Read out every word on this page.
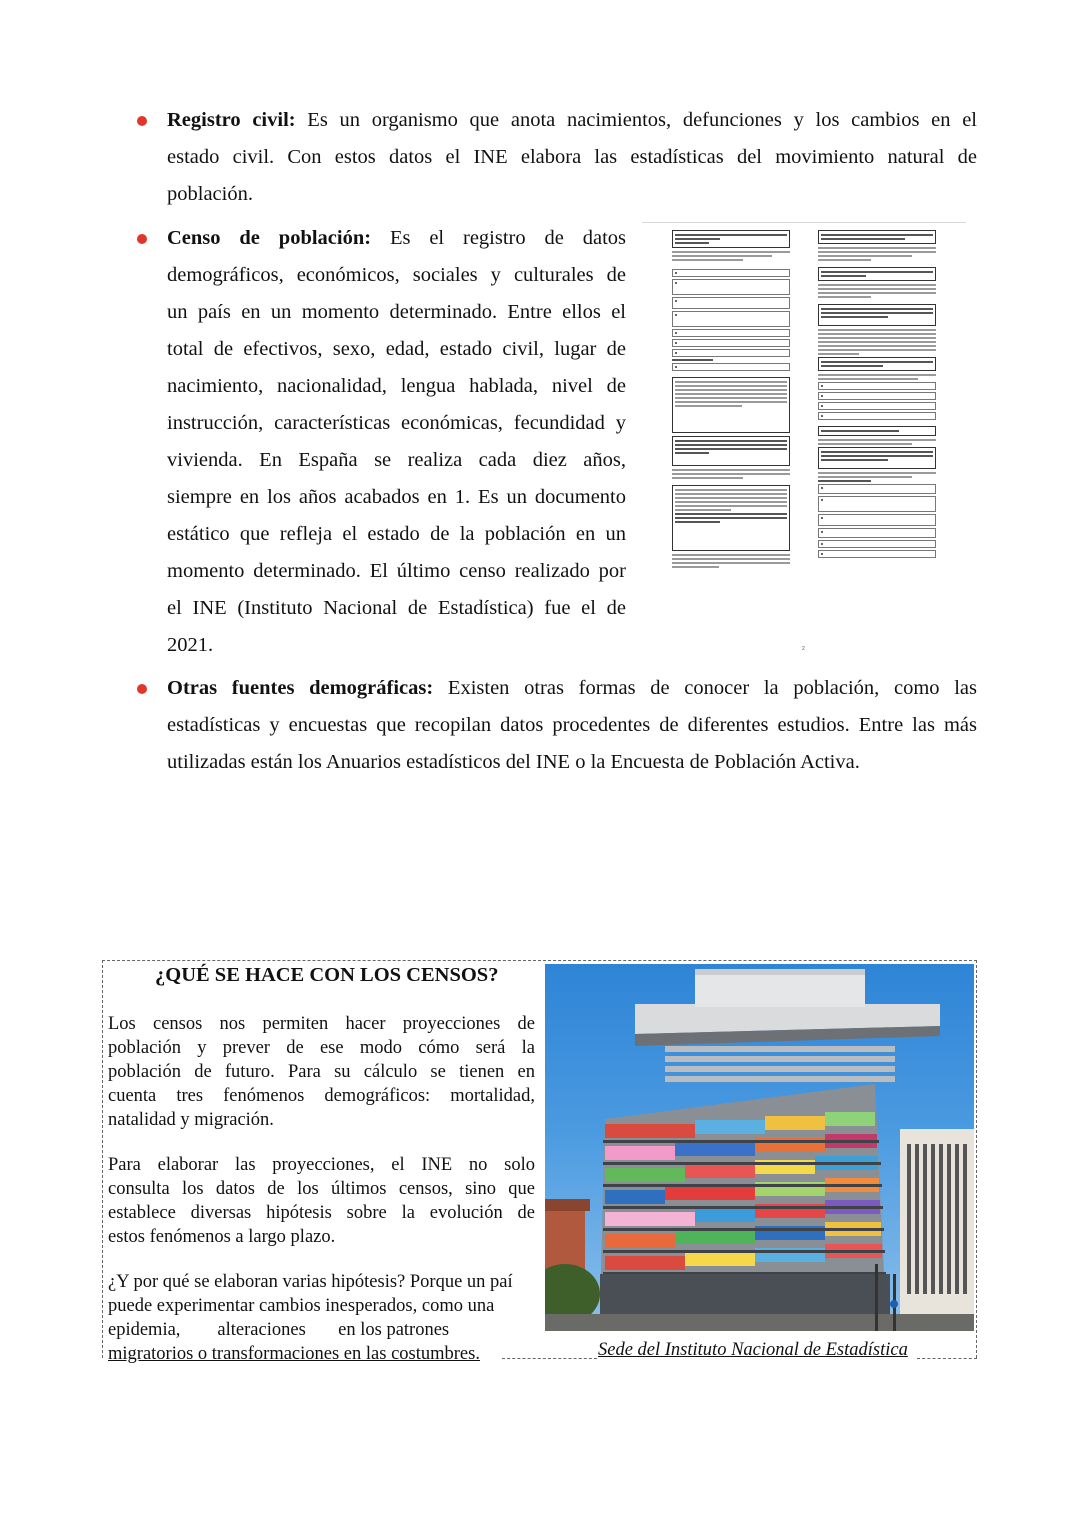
Registro civil: Es un organismo que anota nacimientos, defunciones y los cambios en el
estado civil. Con estos datos el INE elabora las estadísticas del movimiento natural de
población.
Censo de población: Es el registro de datos
demográficos, económicos, sociales y culturales de
un país en un momento determinado. Entre ellos el
total de efectivos, sexo, edad, estado civil, lugar de
nacimiento, nacionalidad, lengua hablada, nivel de
instrucción, características económicas, fecundidad y
vivienda. En España se realiza cada diez años,
siempre en los años acabados en 1. Es un documento
estático que refleja el estado de la población en un
momento determinado. El último censo realizado por
el INE (Instituto Nacional de Estadística) fue el de
2021.	2
Otras fuentes demográficas: Existen otras formas de conocer la población, como las
estadísticas y encuestas que recopilan datos procedentes de diferentes estudios. Entre las más
utilizadas están los Anuarios estadísticos del INE o la Encuesta de Población Activa.
¿QUÉ SE HACE CON LOS CENSOS?
Los censos nos permiten hacer proyecciones de
población y prever de ese modo cómo será la
población de futuro. Para su cálculo se tienen en
cuenta tres fenómenos demográficos: mortalidad,
natalidad y migración.
Para elaborar las proyecciones, el INE no solo
consulta los datos de los últimos censos, sino que
establece diversas hipótesis sobre la evolución de
estos fenómenos a largo plazo.
¿Y por qué se elaboran varias hipótesis? Porque un paí
puede experimentar cambios inesperados, como una
epidemia,        alteraciones       en los patrones
migratorios o transformaciones en las costumbres.	Sede del Instituto Nacional de Estadística
